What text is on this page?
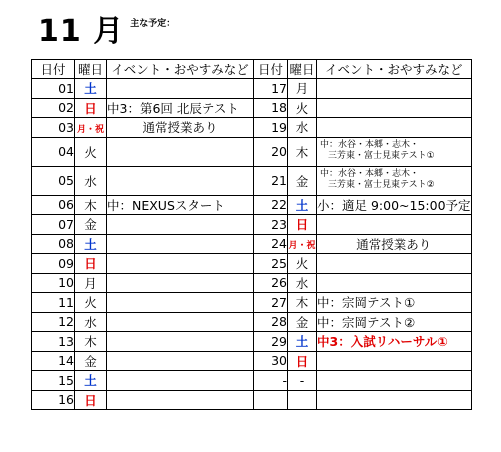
11 月 主な予定：
日付	曜日	イベント・おやすみなど	日付	曜日	イベント・おやすみなど
01	土		17	月	
02	日	中3：第6回 北辰テスト	18	火	
03	月・祝	通常授業あり	19	水	
04	火		20	木	中：水谷・本郷・志木・
三芳東・富士見東テスト①

05	水		21	金	中：水谷・本郷・志木・
三芳東・富士見東テスト②

06	木	中：NEXUSスタート	22	土	小：適足 9:00~15:00予定
07	金		23	日	
08	土		24	月・祝	通常授業あり
09	日		25	火	
10	月		26	水	
11	火		27	木	中：宗岡テスト①
12	水		28	金	中：宗岡テスト②
13	木		29	土	中3：入試リハーサル①
14	金		30	日	
15	土		-	-	
16	日				
